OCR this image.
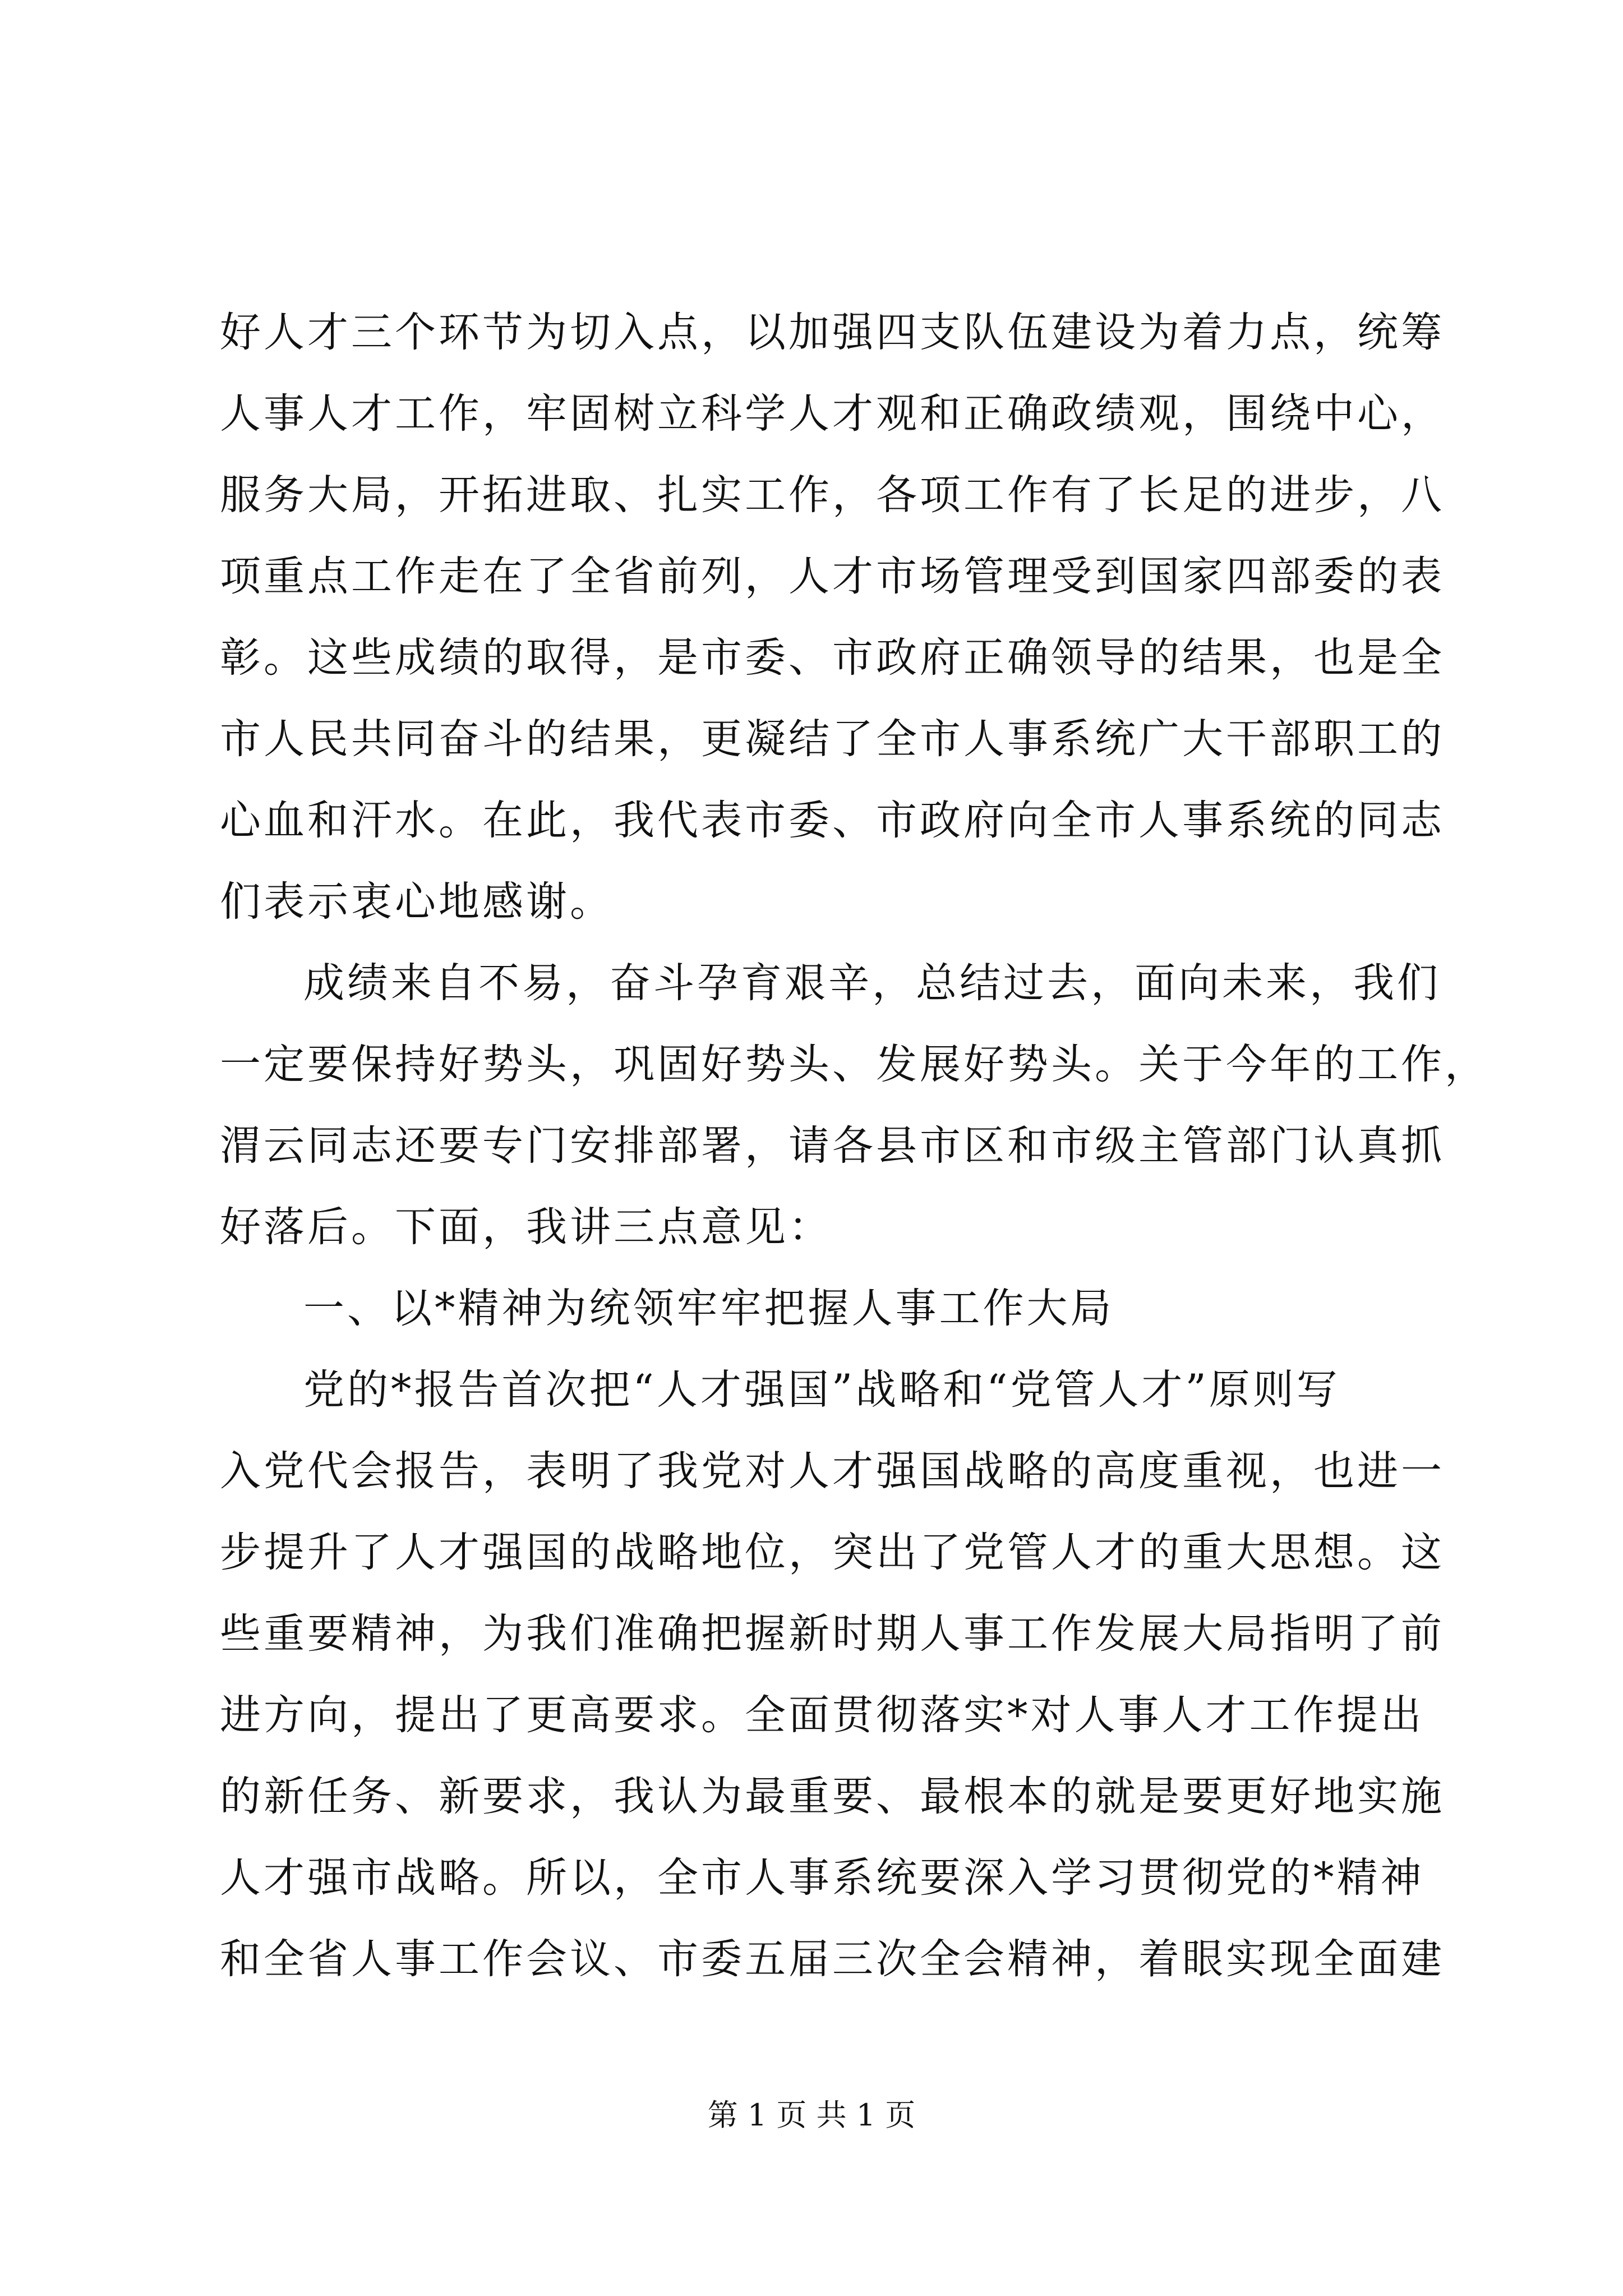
好人才三个环节为切入点，以加强四支队伍建设为着力点，统筹
人事人才工作，牢固树立科学人才观和正确政绩观，围绕中心，
服务大局，开拓进取、扎实工作，各项工作有了长足的进步，八
项重点工作走在了全省前列，人才市场管理受到国家四部委的表
彰。这些成绩的取得，是市委、市政府正确领导的结果，也是全
市人民共同奋斗的结果，更凝结了全市人事系统广大干部职工的
心血和汗水。在此，我代表市委、市政府向全市人事系统的同志
们表示衷心地感谢。
成绩来自不易，奋斗孕育艰辛，总结过去，面向未来，我们
一定要保持好势头，巩固好势头、发展好势头。关于今年的工作，
渭云同志还要专门安排部署，请各县市区和市级主管部门认真抓
好落后。下面，我讲三点意见：
一、以*精神为统领牢牢把握人事工作大局
党的*报告首次把“人才强国”战略和“党管人才”原则写
入党代会报告，表明了我党对人才强国战略的高度重视，也进一
步提升了人才强国的战略地位，突出了党管人才的重大思想。这
些重要精神，为我们准确把握新时期人事工作发展大局指明了前
进方向，提出了更高要求。全面贯彻落实*对人事人才工作提出
的新任务、新要求，我认为最重要、最根本的就是要更好地实施
人才强市战略。所以，全市人事系统要深入学习贯彻党的*精神
和全省人事工作会议、市委五届三次全会精神，着眼实现全面建
第 1 页 共 1 页
